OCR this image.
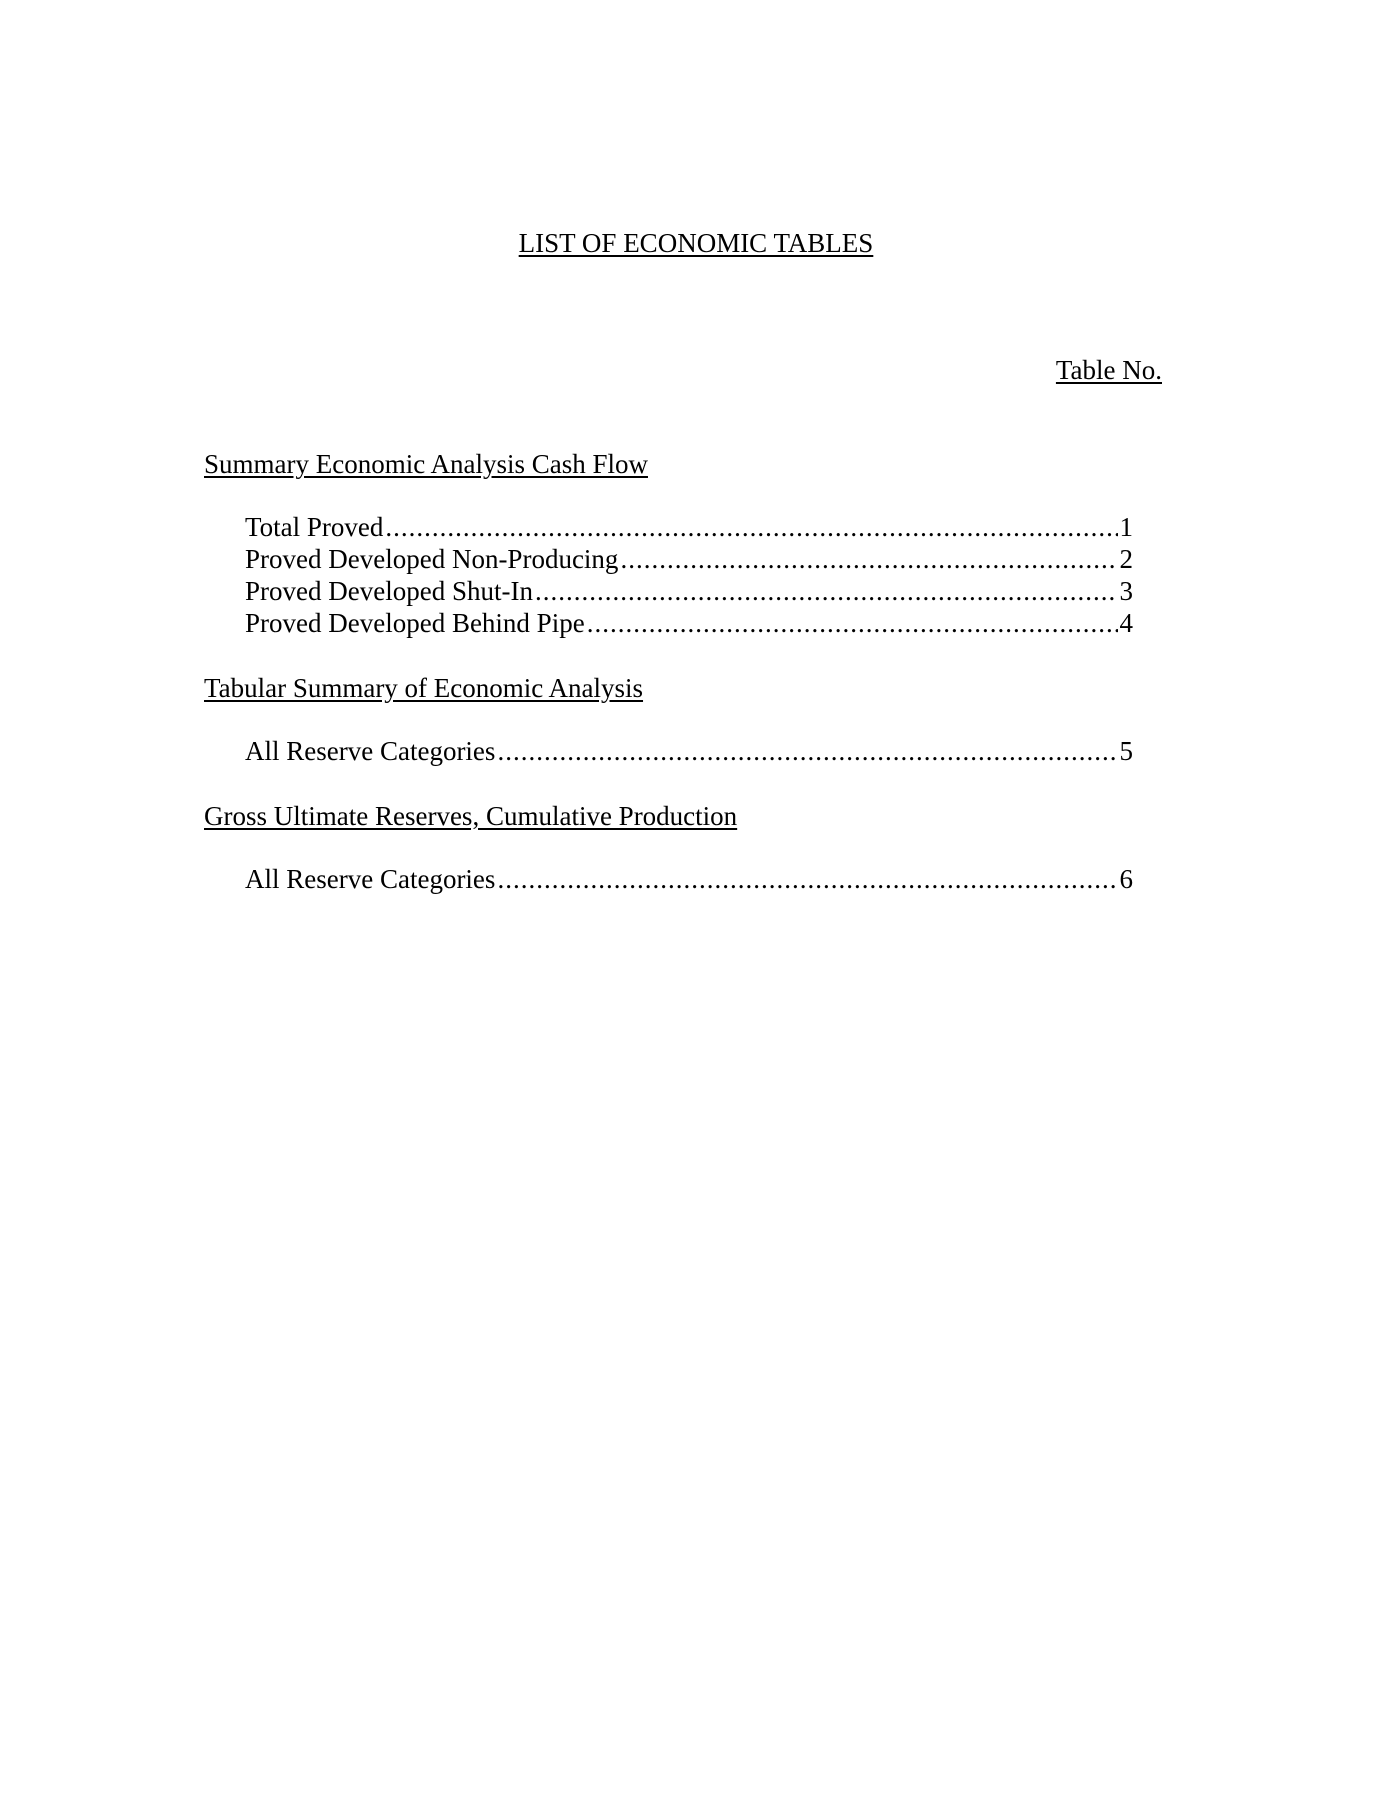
LIST OF ECONOMIC TABLES
Table No.
Summary Economic Analysis Cash Flow
Total Proved .....	1
Proved Developed Non-Producing .....	2
Proved Developed Shut-In .....	3
Proved Developed Behind Pipe .....	4
Tabular Summary of Economic Analysis
All Reserve Categories .....	5
Gross Ultimate Reserves, Cumulative Production
All Reserve Categories .....	6
